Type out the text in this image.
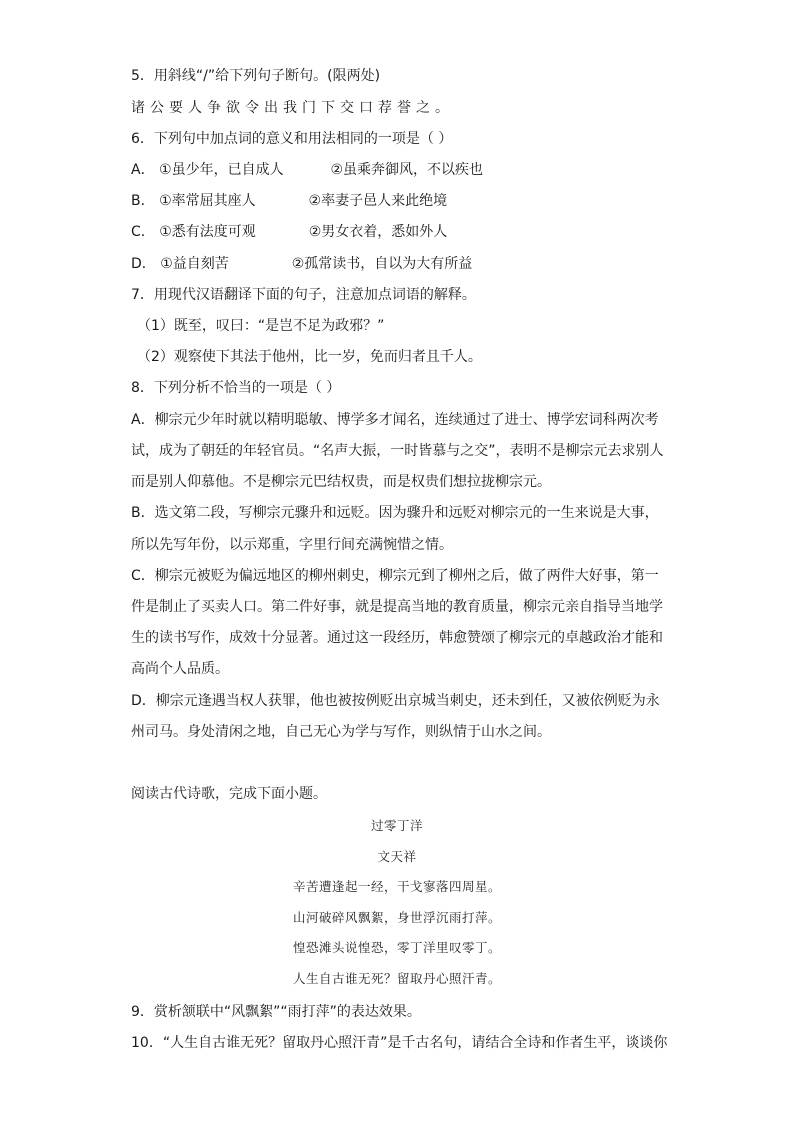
5．用斜线“/”给下列句子断句。(限两处)
诸公要人争欲令出我门下交口荐誉之。
6．下列句中加点词的意义和用法相同的一项是（ ）
A． ①虽少年，已自成人	②虽乘奔御风，不以疾也
B． ①率常屈其座人	②率妻子邑人来此绝境
C． ①悉有法度可观	②男女衣着，悉如外人
D． ①益自刻苦	②孤常读书，自以为大有所益
7．用现代汉语翻译下面的句子，注意加点词语的解释。
（1）既至，叹曰：“是岂不足为政邪？”
（2）观察使下其法于他州，比一岁，免而归者且千人。
8．下列分析不恰当的一项是（ ）
A．柳宗元少年时就以精明聪敏、博学多才闻名，连续通过了进士、博学宏词科两次考
试，成为了朝廷的年轻官员。“名声大振，一时皆慕与之交”，表明不是柳宗元去求别人
而是别人仰慕他。不是柳宗元巴结权贵，而是权贵们想拉拢柳宗元。
B．选文第二段，写柳宗元骤升和远贬。因为骤升和远贬对柳宗元的一生来说是大事，
所以先写年份，以示郑重，字里行间充满惋惜之情。
C．柳宗元被贬为偏远地区的柳州刺史，柳宗元到了柳州之后，做了两件大好事，第一
件是制止了买卖人口。第二件好事，就是提高当地的教育质量，柳宗元亲自指导当地学
生的读书写作，成效十分显著。通过这一段经历，韩愈赞颂了柳宗元的卓越政治才能和
高尚个人品质。
D．柳宗元逢遇当权人获罪，他也被按例贬出京城当刺史，还未到任，又被依例贬为永
州司马。身处清闲之地，自己无心为学与写作，则纵情于山水之间。
阅读古代诗歌，完成下面小题。
过零丁洋
文天祥
辛苦遭逢起一经，干戈寥落四周星。
山河破碎风飘絮，身世浮沉雨打萍。
惶恐滩头说惶恐，零丁洋里叹零丁。
人生自古谁无死？留取丹心照汗青。
9．赏析颔联中“风飘絮”“雨打萍”的表达效果。
10．“人生自古谁无死？留取丹心照汗青”是千古名句，请结合全诗和作者生平，谈谈你
